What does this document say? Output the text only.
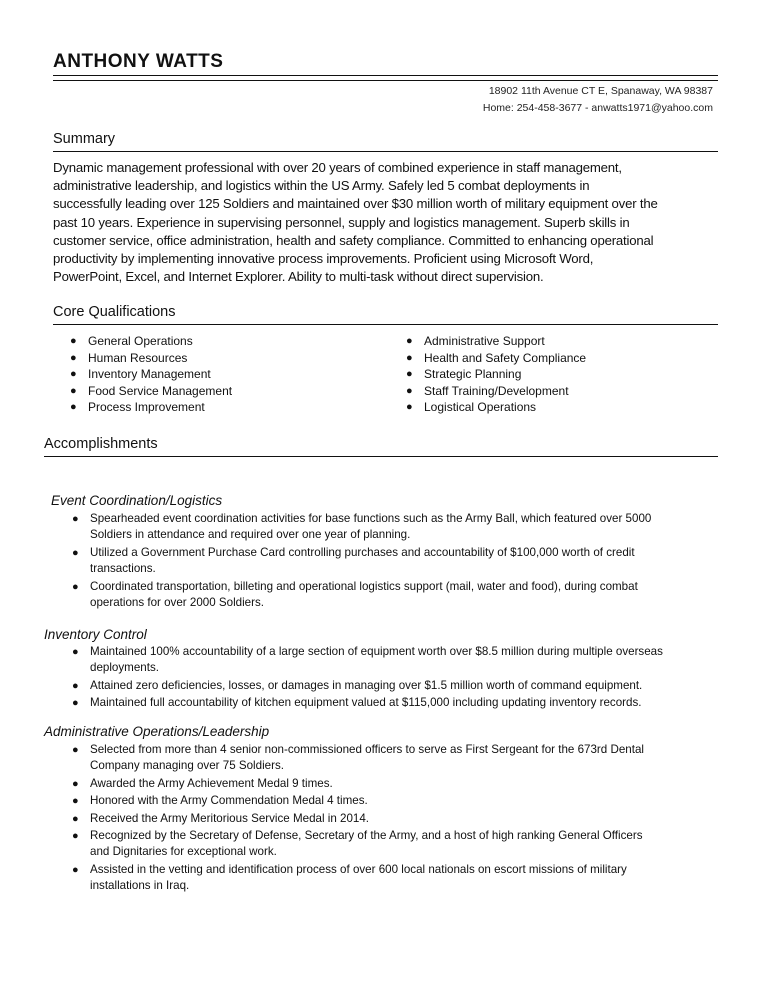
ANTHONY WATTS
18902 11th Avenue CT E, Spanaway, WA 98387
Home: 254-458-3677 - anwatts1971@yahoo.com
Summary
Dynamic management professional with over 20 years of combined experience in staff management,
administrative leadership, and logistics within the US Army. Safely led 5 combat deployments in
successfully leading over 125 Soldiers and maintained over $30 million worth of military equipment over the
past 10 years. Experience in supervising personnel, supply and logistics management. Superb skills in
customer service, office administration, health and safety compliance. Committed to enhancing operational
productivity by implementing innovative process improvements. Proficient using Microsoft Word,
PowerPoint, Excel, and Internet Explorer. Ability to multi-task without direct supervision.
Core Qualifications
● General Operations
● Human Resources
● Inventory Management
● Food Service Management
● Process Improvement
● Administrative Support
● Health and Safety Compliance
● Strategic Planning
● Staff Training/Development
● Logistical Operations
Accomplishments
Event Coordination/Logistics
● Spearheaded event coordination activities for base functions such as the Army Ball, which featured over 5000
Soldiers in attendance and required over one year of planning.
● Utilized a Government Purchase Card controlling purchases and accountability of $100,000 worth of credit
transactions.
● Coordinated transportation, billeting and operational logistics support (mail, water and food), during combat
operations for over 2000 Soldiers.
Inventory Control
● Maintained 100% accountability of a large section of equipment worth over $8.5 million during multiple overseas
deployments.
● Attained zero deficiencies, losses, or damages in managing over $1.5 million worth of command equipment.
● Maintained full accountability of kitchen equipment valued at $115,000 including updating inventory records.
Administrative Operations/Leadership
● Selected from more than 4 senior non-commissioned officers to serve as First Sergeant for the 673rd Dental
Company managing over 75 Soldiers.
● Awarded the Army Achievement Medal 9 times.
● Honored with the Army Commendation Medal 4 times.
● Received the Army Meritorious Service Medal in 2014.
● Recognized by the Secretary of Defense, Secretary of the Army, and a host of high ranking General Officers
and Dignitaries for exceptional work.
● Assisted in the vetting and identification process of over 600 local nationals on escort missions of military
installations in Iraq.
